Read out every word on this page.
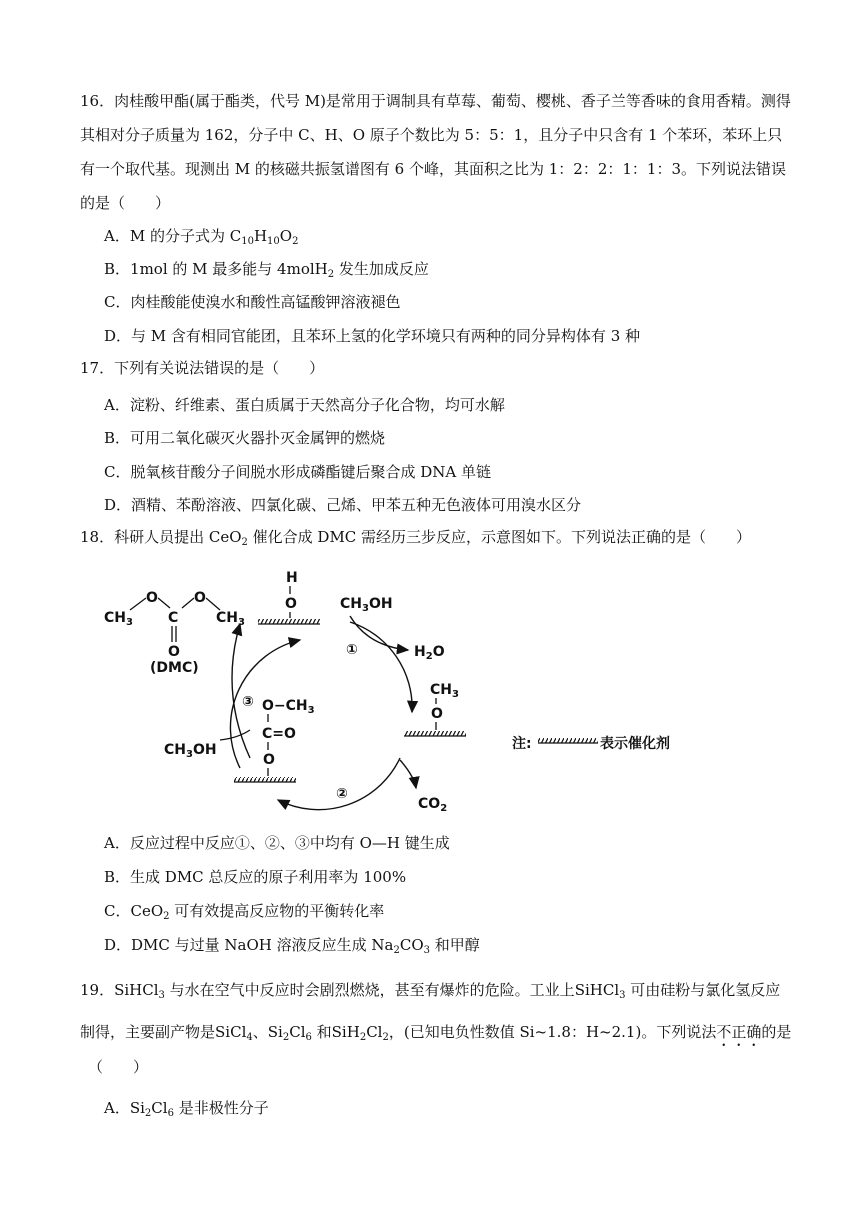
16．肉桂酸甲酯(属于酯类，代号 M)是常用于调制具有草莓、葡萄、樱桃、香子兰等香味的食用香精。测得其相对分子质量为 162，分子中 C、H、O 原子个数比为 5：5：1，且分子中只含有 1 个苯环，苯环上只有一个取代基。现测出 M 的核磁共振氢谱图有 6 个峰，其面积之比为 1：2：2：1：1：3。下列说法错误的是（　　）
A．M 的分子式为 $C_{10}H_{10}O_2$
B．1mol 的 M 最多能与 4molH$_2$ 发生加成反应
C．肉桂酸能使溴水和酸性高锰酸钾溶液褪色
D．与 M 含有相同官能团，且苯环上氢的化学环境只有两种的同分异构体有 3 种
17．下列有关说法错误的是（　　）
A．淀粉、纤维素、蛋白质属于天然高分子化合物，均可水解
B．可用二氧化碳灭火器扑灭金属钾的燃烧
C．脱氧核苷酸分子间脱水形成磷酯键后聚合成 DNA 单链
D．酒精、苯酚溶液、四氯化碳、己烯、甲苯五种无色液体可用溴水区分
18．科研人员提出 CeO$_2$ 催化合成 DMC 需经历三步反应，示意图如下。下列说法正确的是（　　）
$CH_3$
O
C
O
$CH_3$
O
(DMC)
H
O	$CH_3OH$
$H_2O$
①
②
③
$CH_3$
O
$O-CH_3$
C=O
O
$CH_3OH$
$CO_2$
注:	表示催化剂
A．反应过程中反应①、②、③中均有 O—H 键生成
B．生成 DMC 总反应的原子利用率为 100%
C．CeO$_2$ 可有效提高反应物的平衡转化率
D．DMC 与过量 NaOH 溶液反应生成 $Na_2CO_3$ 和甲醇
19．SiHCl$_3$ 与水在空气中反应时会剧烈燃烧，甚至有爆炸的危险。工业上SiHCl$_3$ 可由硅粉与氯化氢反应制得，主要副产物是SiCl$_4$、$Si_2Cl_6$ 和$SiH_2Cl_2$，(已知电负性数值 Si~1.8：H~2.1)。下列说法不正确的是
（　　）
A．$Si_2Cl_6$ 是非极性分子
